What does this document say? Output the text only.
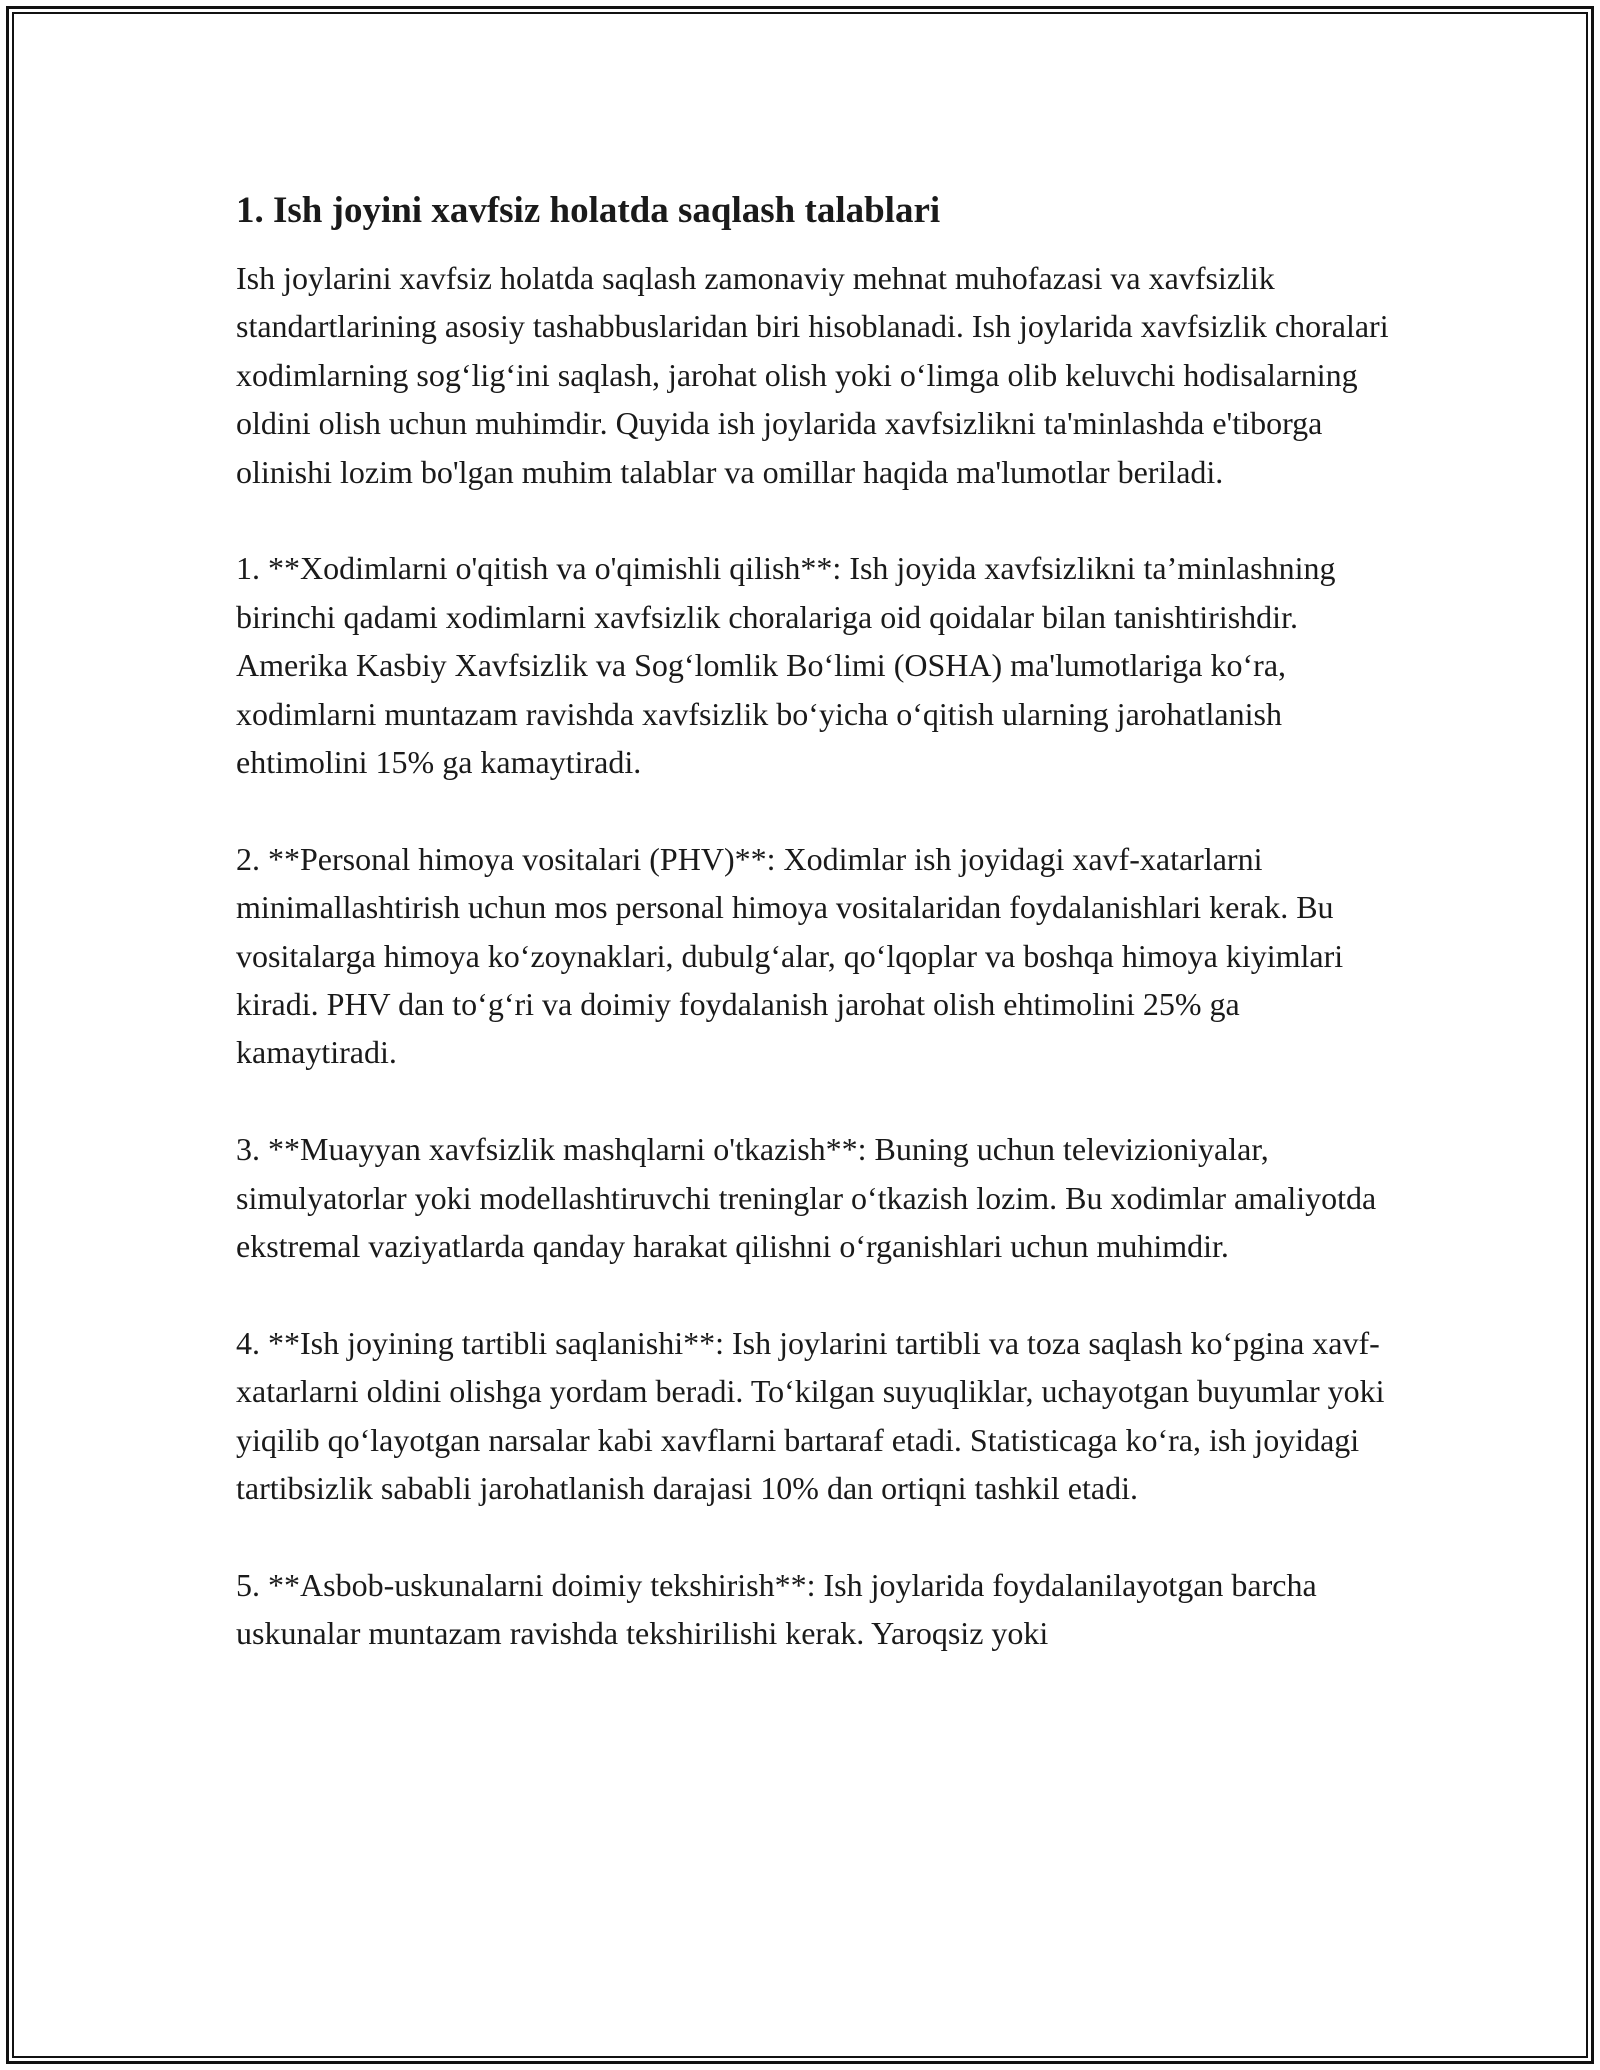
1. Ish joyini xavfsiz holatda saqlash talablari

Ish joylarini xavfsiz holatda saqlash zamonaviy mehnat muhofazasi va xavfsizlik standartlarining asosiy tashabbuslaridan biri hisoblanadi. Ish joylarida xavfsizlik choralari xodimlarning sog‘lig‘ini saqlash, jarohat olish yoki o‘limga olib keluvchi hodisalarning oldini olish uchun muhimdir. Quyida ish joylarida xavfsizlikni ta'minlashda e'tiborga olinishi lozim bo'lgan muhim talablar va omillar haqida ma'lumotlar beriladi.

1. **Xodimlarni o'qitish va o'qimishli qilish**: Ish joyida xavfsizlikni ta’minlashning birinchi qadami xodimlarni xavfsizlik choralariga oid qoidalar bilan tanishtirishdir. Amerika Kasbiy Xavfsizlik va Sog‘lomlik Bo‘limi (OSHA) ma'lumotlariga ko‘ra, xodimlarni muntazam ravishda xavfsizlik bo‘yicha o‘qitish ularning jarohatlanish ehtimolini 15% ga kamaytiradi.

2. **Personal himoya vositalari (PHV)**: Xodimlar ish joyidagi xavf-xatarlarni minimallashtirish uchun mos personal himoya vositalaridan foydalanishlari kerak. Bu vositalarga himoya ko‘zoynaklari, dubulg‘alar, qo‘lqoplar va boshqa himoya kiyimlari kiradi. PHV dan to‘g‘ri va doimiy foydalanish jarohat olish ehtimolini 25% ga kamaytiradi.

3. **Muayyan xavfsizlik mashqlarni o'tkazish**: Buning uchun televizioniyalar, simulyatorlar yoki modellashtiruvchi treninglar o‘tkazish lozim. Bu xodimlar amaliyotda ekstremal vaziyatlarda qanday harakat qilishni o‘rganishlari uchun muhimdir.

4. **Ish joyining tartibli saqlanishi**: Ish joylarini tartibli va toza saqlash ko‘pgina xavf-xatarlarni oldini olishga yordam beradi. To‘kilgan suyuqliklar, uchayotgan buyumlar yoki yiqilib qo‘layotgan narsalar kabi xavflarni bartaraf etadi. Statisticaga ko‘ra, ish joyidagi tartibsizlik sababli jarohatlanish darajasi 10% dan ortiqni tashkil etadi.

5. **Asbob-uskunalarni doimiy tekshirish**: Ish joylarida foydalanilayotgan barcha uskunalar muntazam ravishda tekshirilishi kerak. Yaroqsiz yoki
